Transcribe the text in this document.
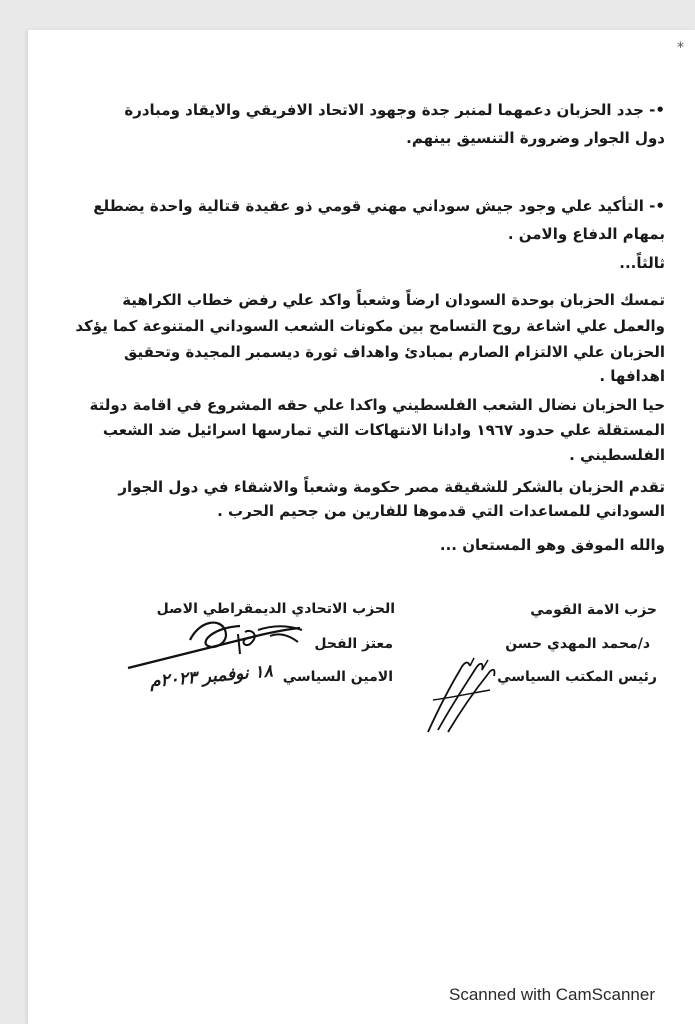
*
•- جدد الحزبان دعمهما لمنبر جدة وجهود الاتحاد الافريقي والايقاد ومبادرة
دول الجوار وضرورة التنسيق بينهم.
•- التأكيد علي وجود جيش سوداني مهني قومي ذو عقيدة قتالية واحدة يضطلع
بمهام الدفاع والامن .
ثالثاً...
تمسك الحزبان بوحدة السودان ارضاً وشعباً واكد علي رفض خطاب الكراهية
والعمل علي اشاعة روح التسامح بين مكونات الشعب السوداني المتنوعة كما يؤكد
الحزبان علي الالتزام الصارم بمبادئ واهداف ثورة ديسمبر المجيدة وتحقيق
اهدافها .
حيا الحزبان نضال الشعب الفلسطيني واكدا علي حقه المشروع في اقامة دولتة
المستقلة علي حدود ١٩٦٧ وادانا الانتهاكات التي تمارسها اسرائيل ضد الشعب
الفلسطيني .
تقدم الحزبان بالشكر للشقيقة مصر حكومة وشعباً والاشقاء في دول الجوار
السوداني للمساعدات التي قدموها للفارين من جحيم الحرب .
والله الموفق وهو المستعان ...
حزب الامة القومي
د/محمد المهدي حسن
رئيس المكتب السياسي
الحزب الاتحادي الديمقراطي الاصل
معتز الفحل
الامين السياسي
١٨ نوفمبر ٢٠٢٣م
Scanned with CamScanner
